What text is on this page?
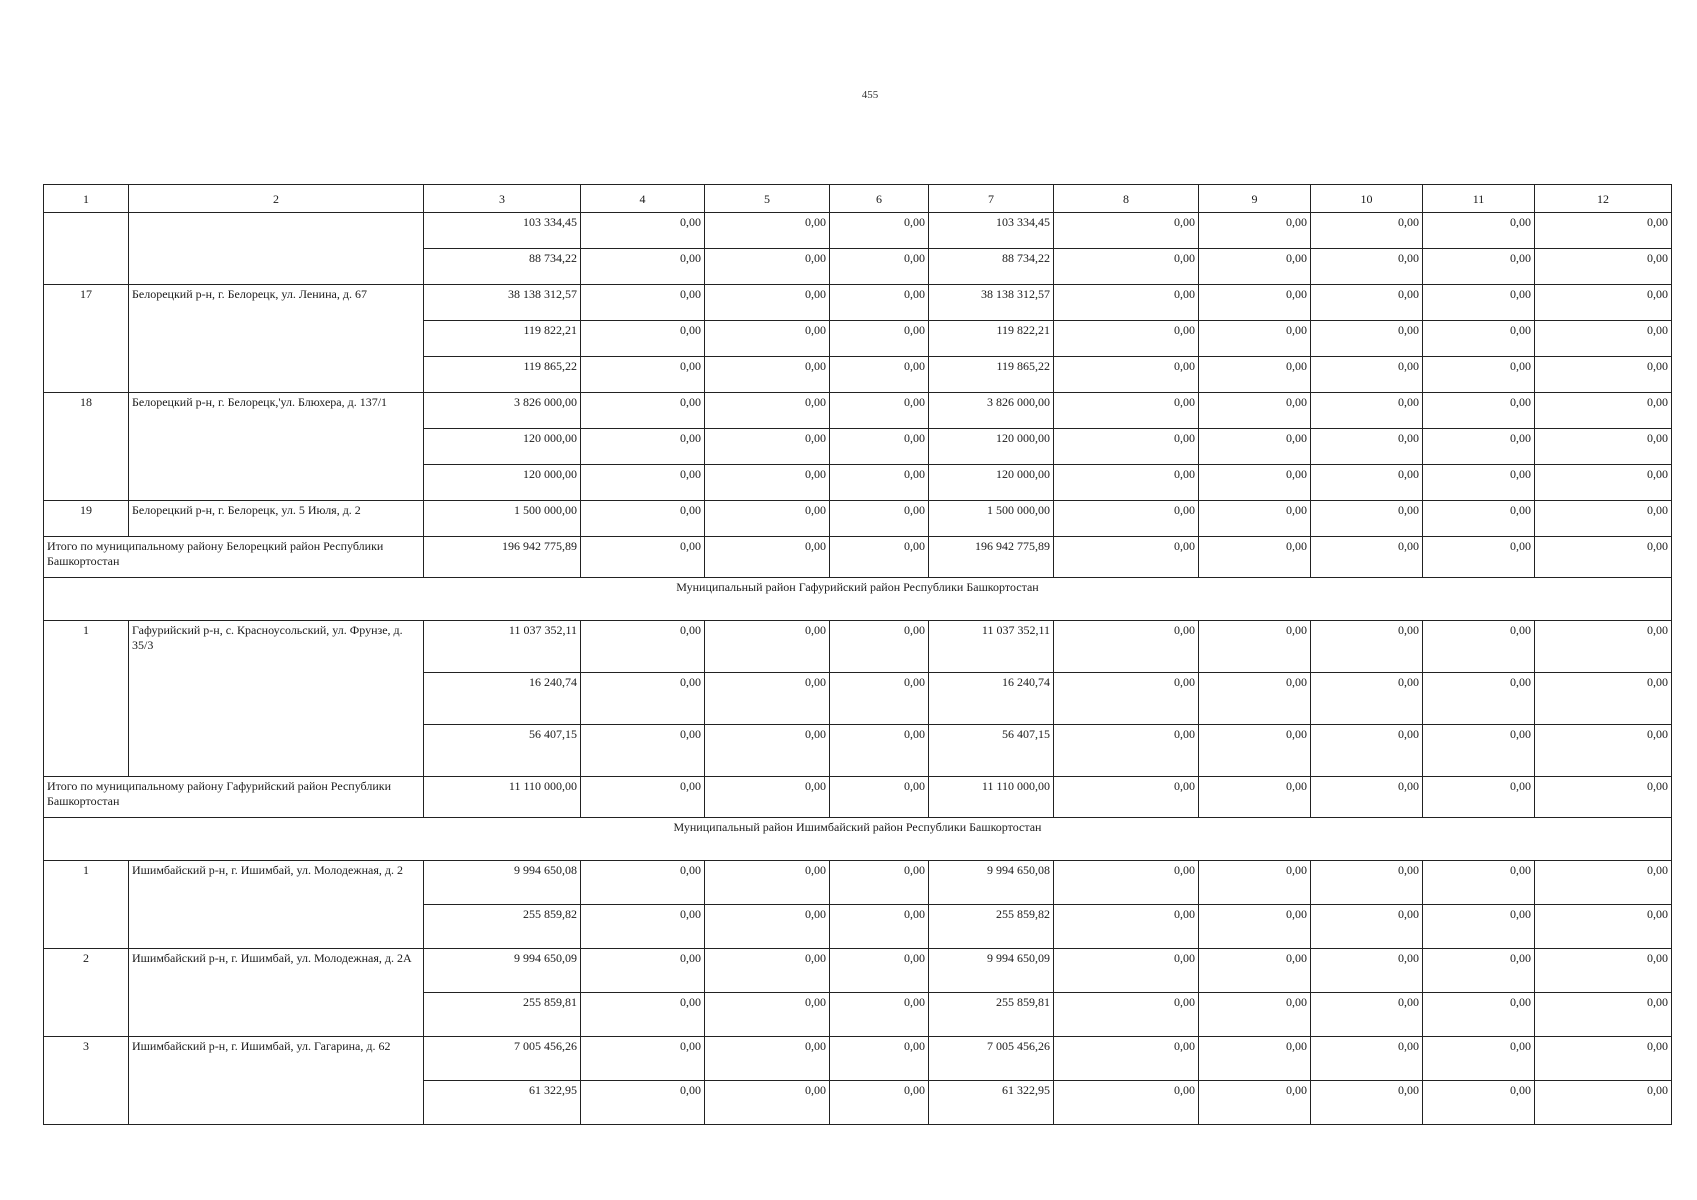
455
1	2	3	4	5	6	7	8	9	10	11	12
		103 334,45	0,00	0,00	0,00	103 334,45	0,00	0,00	0,00	0,00	0,00
		88 734,22	0,00	0,00	0,00	88 734,22	0,00	0,00	0,00	0,00	0,00
17	Белорецкий р-н, г. Белорецк, ул. Ленина, д. 67	38 138 312,57	0,00	0,00	0,00	38 138 312,57	0,00	0,00	0,00	0,00	0,00
		119 822,21	0,00	0,00	0,00	119 822,21	0,00	0,00	0,00	0,00	0,00
		119 865,22	0,00	0,00	0,00	119 865,22	0,00	0,00	0,00	0,00	0,00
18	Белорецкий р-н, г. Белорецк,'ул. Блюхера, д. 137/1	3 826 000,00	0,00	0,00	0,00	3 826 000,00	0,00	0,00	0,00	0,00	0,00
		120 000,00	0,00	0,00	0,00	120 000,00	0,00	0,00	0,00	0,00	0,00
		120 000,00	0,00	0,00	0,00	120 000,00	0,00	0,00	0,00	0,00	0,00
19	Белорецкий р-н, г. Белорецк, ул. 5 Июля, д. 2	1 500 000,00	0,00	0,00	0,00	1 500 000,00	0,00	0,00	0,00	0,00	0,00
Итого по муниципальному району Белорецкий район Республики Башкортостан		196 942 775,89	0,00	0,00	0,00	196 942 775,89	0,00	0,00	0,00	0,00	0,00
Муниципальный район Гафурийский район Республики Башкортостан											
1	Гафурийский р-н, с. Красноусольский, ул. Фрунзе, д. 35/3	11 037 352,11	0,00	0,00	0,00	11 037 352,11	0,00	0,00	0,00	0,00	0,00
		16 240,74	0,00	0,00	0,00	16 240,74	0,00	0,00	0,00	0,00	0,00
		56 407,15	0,00	0,00	0,00	56 407,15	0,00	0,00	0,00	0,00	0,00
Итого по муниципальному району Гафурийский район Республики Башкортостан		11 110 000,00	0,00	0,00	0,00	11 110 000,00	0,00	0,00	0,00	0,00	0,00
Муниципальный район Ишимбайский район Республики Башкортостан											
1	Ишимбайский р-н, г. Ишимбай, ул. Молодежная, д. 2	9 994 650,08	0,00	0,00	0,00	9 994 650,08	0,00	0,00	0,00	0,00	0,00
		255 859,82	0,00	0,00	0,00	255 859,82	0,00	0,00	0,00	0,00	0,00
2	Ишимбайский р-н, г. Ишимбай, ул. Молодежная, д. 2А	9 994 650,09	0,00	0,00	0,00	9 994 650,09	0,00	0,00	0,00	0,00	0,00
		255 859,81	0,00	0,00	0,00	255 859,81	0,00	0,00	0,00	0,00	0,00
3	Ишимбайский р-н, г. Ишимбай, ул. Гагарина, д. 62	7 005 456,26	0,00	0,00	0,00	7 005 456,26	0,00	0,00	0,00	0,00	0,00
		61 322,95	0,00	0,00	0,00	61 322,95	0,00	0,00	0,00	0,00	0,00
